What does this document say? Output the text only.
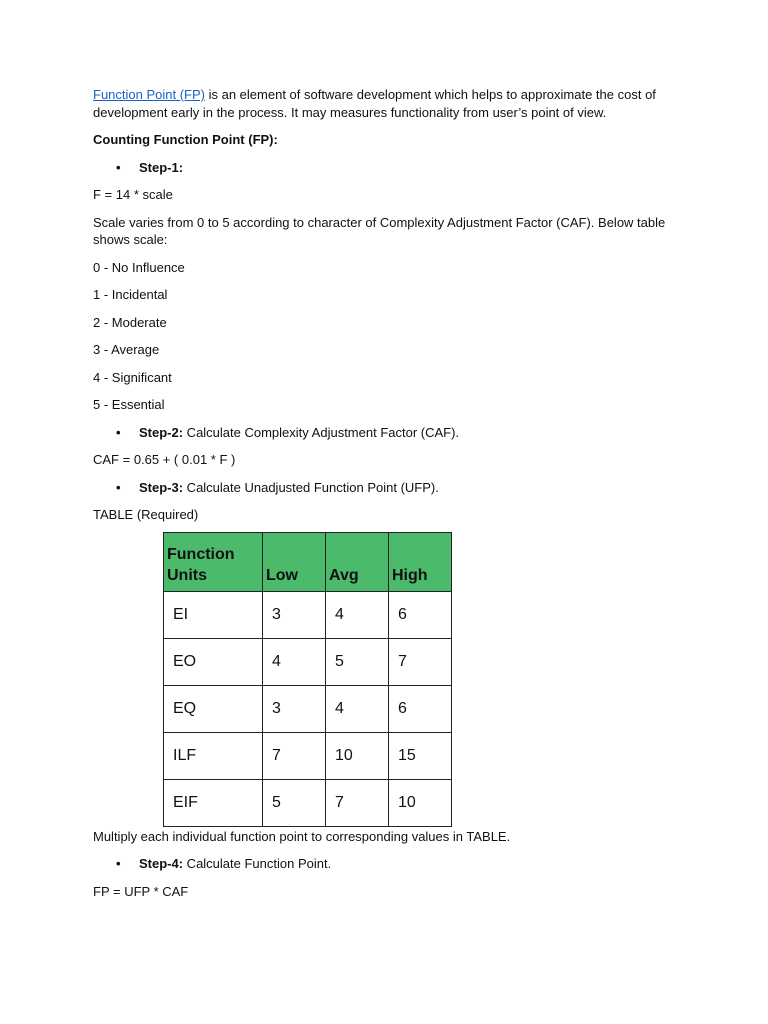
Function Point (FP) is an element of software development which helps to approximate the cost of development early in the process. It may measures functionality from user’s point of view.

Counting Function Point (FP):

•	Step-1:

F = 14 * scale

Scale varies from 0 to 5 according to character of Complexity Adjustment Factor (CAF). Below table shows scale:

0 - No Influence

1 - Incidental

2 - Moderate

3 - Average

4 - Significant

5 - Essential

•	Step-2: Calculate Complexity Adjustment Factor (CAF).

CAF = 0.65 + ( 0.01 * F )

•	Step-3: Calculate Unadjusted Function Point (UFP).

TABLE (Required)

Function Units	Low	Avg	High
EI	3	4	6
EO	4	5	7
EQ	3	4	6
ILF	7	10	15
EIF	5	7	10

Multiply each individual function point to corresponding values in TABLE.

•	Step-4: Calculate Function Point.

FP = UFP * CAF
